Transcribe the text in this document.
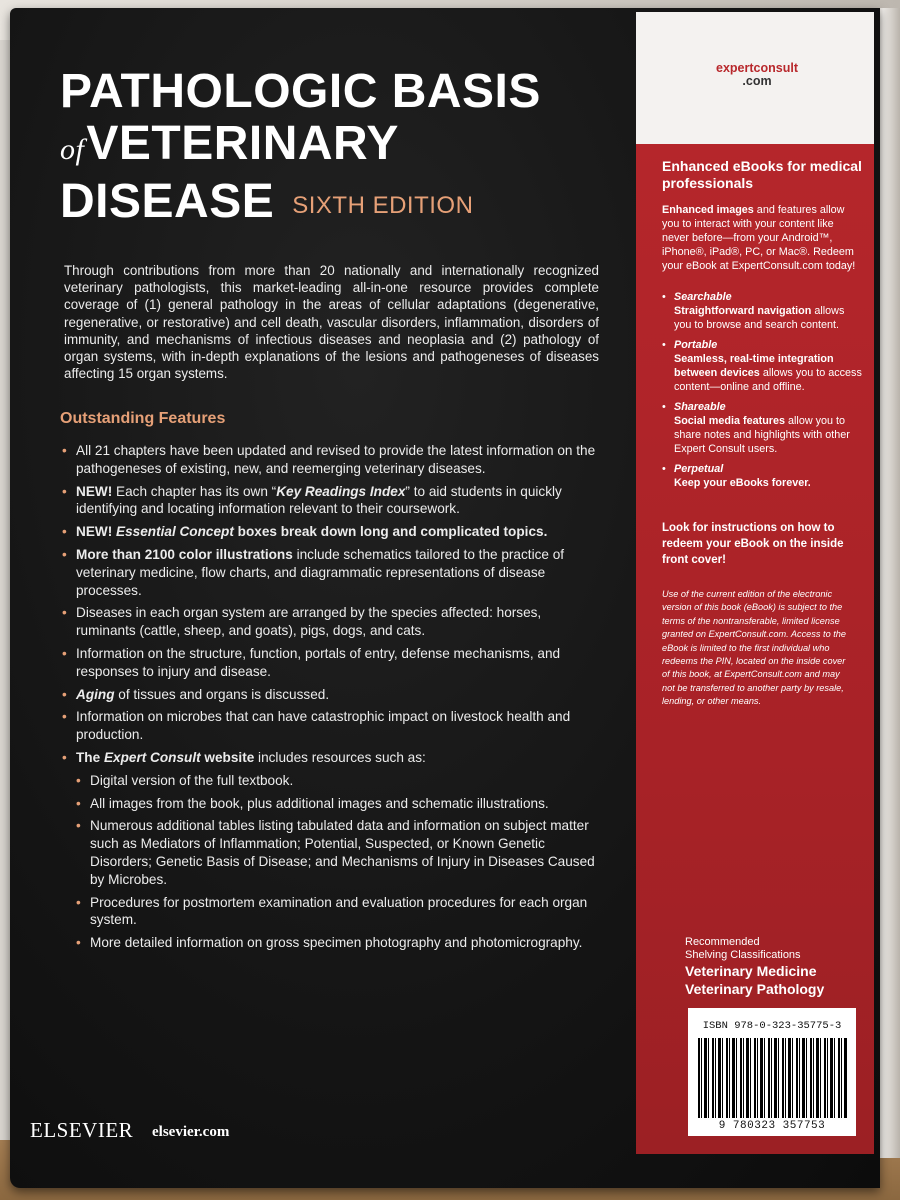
PATHOLOGIC BASIS
ofVETERINARY
DISEASE SIXTH EDITION
Through contributions from more than 20 nationally and internationally recognized veterinary pathologists, this market-leading all-in-one resource provides complete coverage of (1) general pathology in the areas of cellular adaptations (degenerative, regenerative, or restorative) and cell death, vascular disorders, inflammation, disorders of immunity, and mechanisms of infectious diseases and neoplasia and (2) pathology of organ systems, with in-depth explanations of the lesions and pathogeneses of diseases affecting 15 organ systems.
Outstanding Features
• All 21 chapters have been updated and revised to provide the latest information on the pathogeneses of existing, new, and reemerging veterinary diseases.
• NEW! Each chapter has its own “Key Readings Index” to aid students in quickly identifying and locating information relevant to their coursework.
• NEW! Essential Concept boxes break down long and complicated topics.
• More than 2100 color illustrations include schematics tailored to the practice of veterinary medicine, flow charts, and diagrammatic representations of disease processes.
• Diseases in each organ system are arranged by the species affected: horses, ruminants (cattle, sheep, and goats), pigs, dogs, and cats.
• Information on the structure, function, portals of entry, defense mechanisms, and responses to injury and disease.
• Aging of tissues and organs is discussed.
• Information on microbes that can have catastrophic impact on livestock health and production.
• The Expert Consult website includes resources such as:
• Digital version of the full textbook.
• All images from the book, plus additional images and schematic illustrations.
• Numerous additional tables listing tabulated data and information on subject matter such as Mediators of Inflammation; Potential, Suspected, or Known Genetic Disorders; Genetic Basis of Disease; and Mechanisms of Injury in Diseases Caused by Microbes.
• Procedures for postmortem examination and evaluation procedures for each organ system.
• More detailed information on gross specimen photography and photomicrography.
ELSEVIER elsevier.com
expertconsult
.com
Enhanced eBooks for medical professionals
Enhanced images and features allow you to interact with your content like never before—from your Android™, iPhone®, iPad®, PC, or Mac®. Redeem your eBook at ExpertConsult.com today!
• Searchable
Straightforward navigation allows you to browse and search content.
• Portable
Seamless, real-time integration between devices allows you to access content—online and offline.
• Shareable
Social media features allow you to share notes and highlights with other Expert Consult users.
• Perpetual
Keep your eBooks forever.
Look for instructions on how to redeem your eBook on the inside front cover!
Use of the current edition of the electronic version of this book (eBook) is subject to the terms of the nontransferable, limited license granted on ExpertConsult.com. Access to the eBook is limited to the first individual who redeems the PIN, located on the inside cover of this book, at ExpertConsult.com and may not be transferred to another party by resale, lending, or other means.
Recommended
Shelving Classifications
Veterinary Medicine
Veterinary Pathology
ISBN 978-0-323-35775-3
9 780323 357753
